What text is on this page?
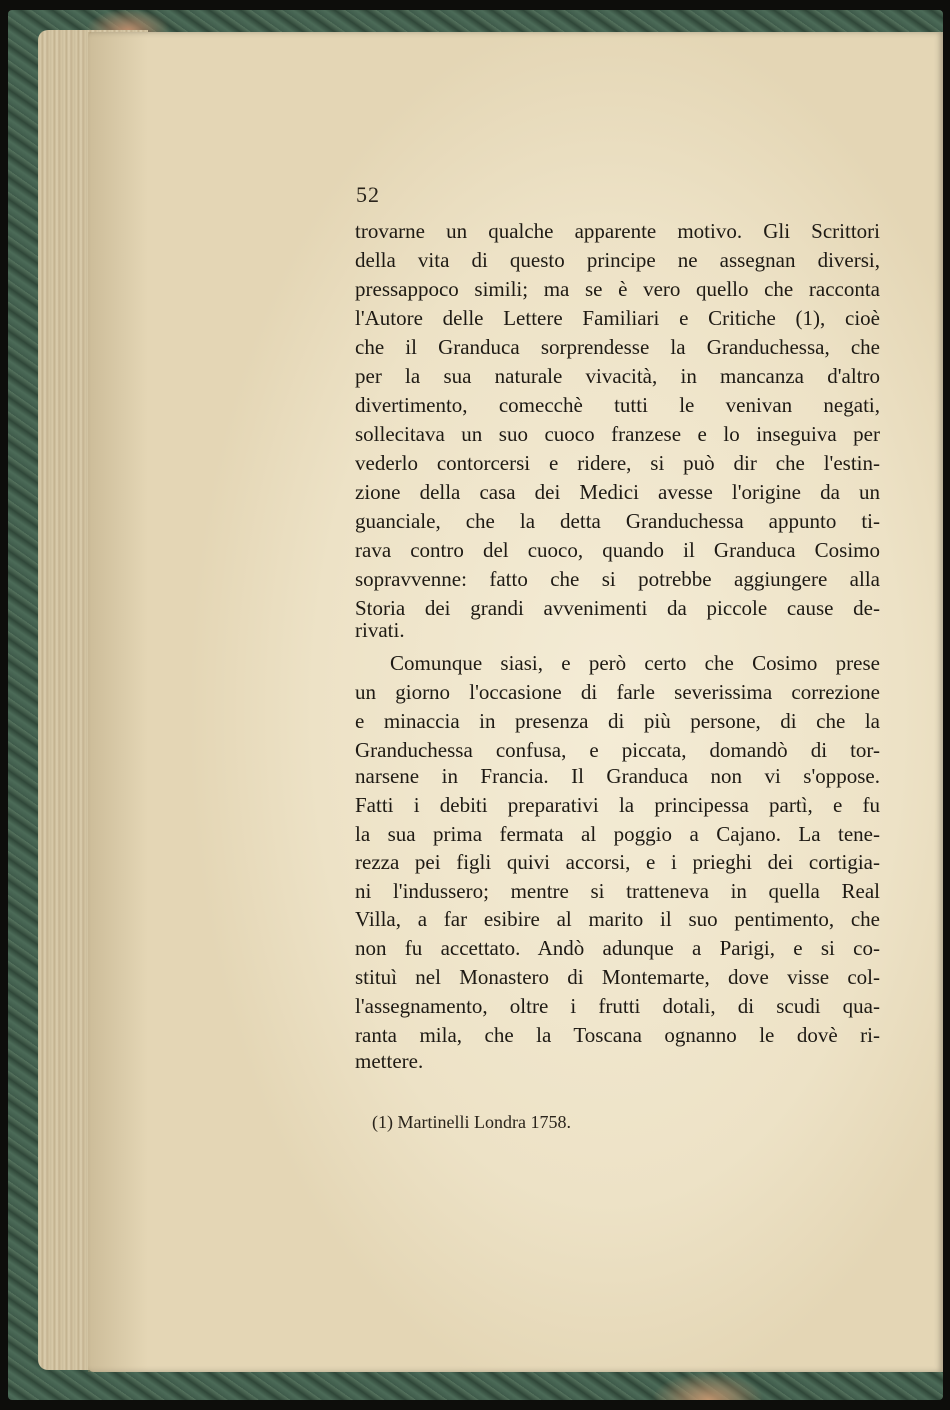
52
trovarne un qualche apparente motivo. Gli Scrittori
della vita di questo principe ne assegnan diversi,
pressappoco simili; ma se è vero quello che racconta
l'Autore delle Lettere Familiari e Critiche (1), cioè
che il Granduca sorprendesse la Granduchessa, che
per la sua naturale vivacità, in mancanza d'altro
divertimento, comecchè tutti le venivan negati,
sollecitava un suo cuoco franzese e lo inseguiva per
vederlo contorcersi e ridere, si può dir che l'estin-
zione della casa dei Medici avesse l'origine da un
guanciale, che la detta Granduchessa appunto ti-
rava contro del cuoco, quando il Granduca Cosimo
sopravvenne: fatto che si potrebbe aggiungere alla
Storia dei grandi avvenimenti da piccole cause de-
rivati.
Comunque siasi, e però certo che Cosimo prese
un giorno l'occasione di farle severissima correzione
e minaccia in presenza di più persone, di che la
Granduchessa confusa, e piccata, domandò di tor-
narsene in Francia. Il Granduca non vi s'oppose.
Fatti i debiti preparativi la principessa partì, e fu
la sua prima fermata al poggio a Cajano. La tene-
rezza pei figli quivi accorsi, e i prieghi dei cortigia-
ni l'indussero; mentre si tratteneva in quella Real
Villa, a far esibire al marito il suo pentimento, che
non fu accettato. Andò adunque a Parigi, e si co-
stituì nel Monastero di Montemarte, dove visse col-
l'assegnamento, oltre i frutti dotali, di scudi qua-
ranta mila, che la Toscana ognanno le dovè ri-
mettere.
(1) Martinelli Londra 1758.
